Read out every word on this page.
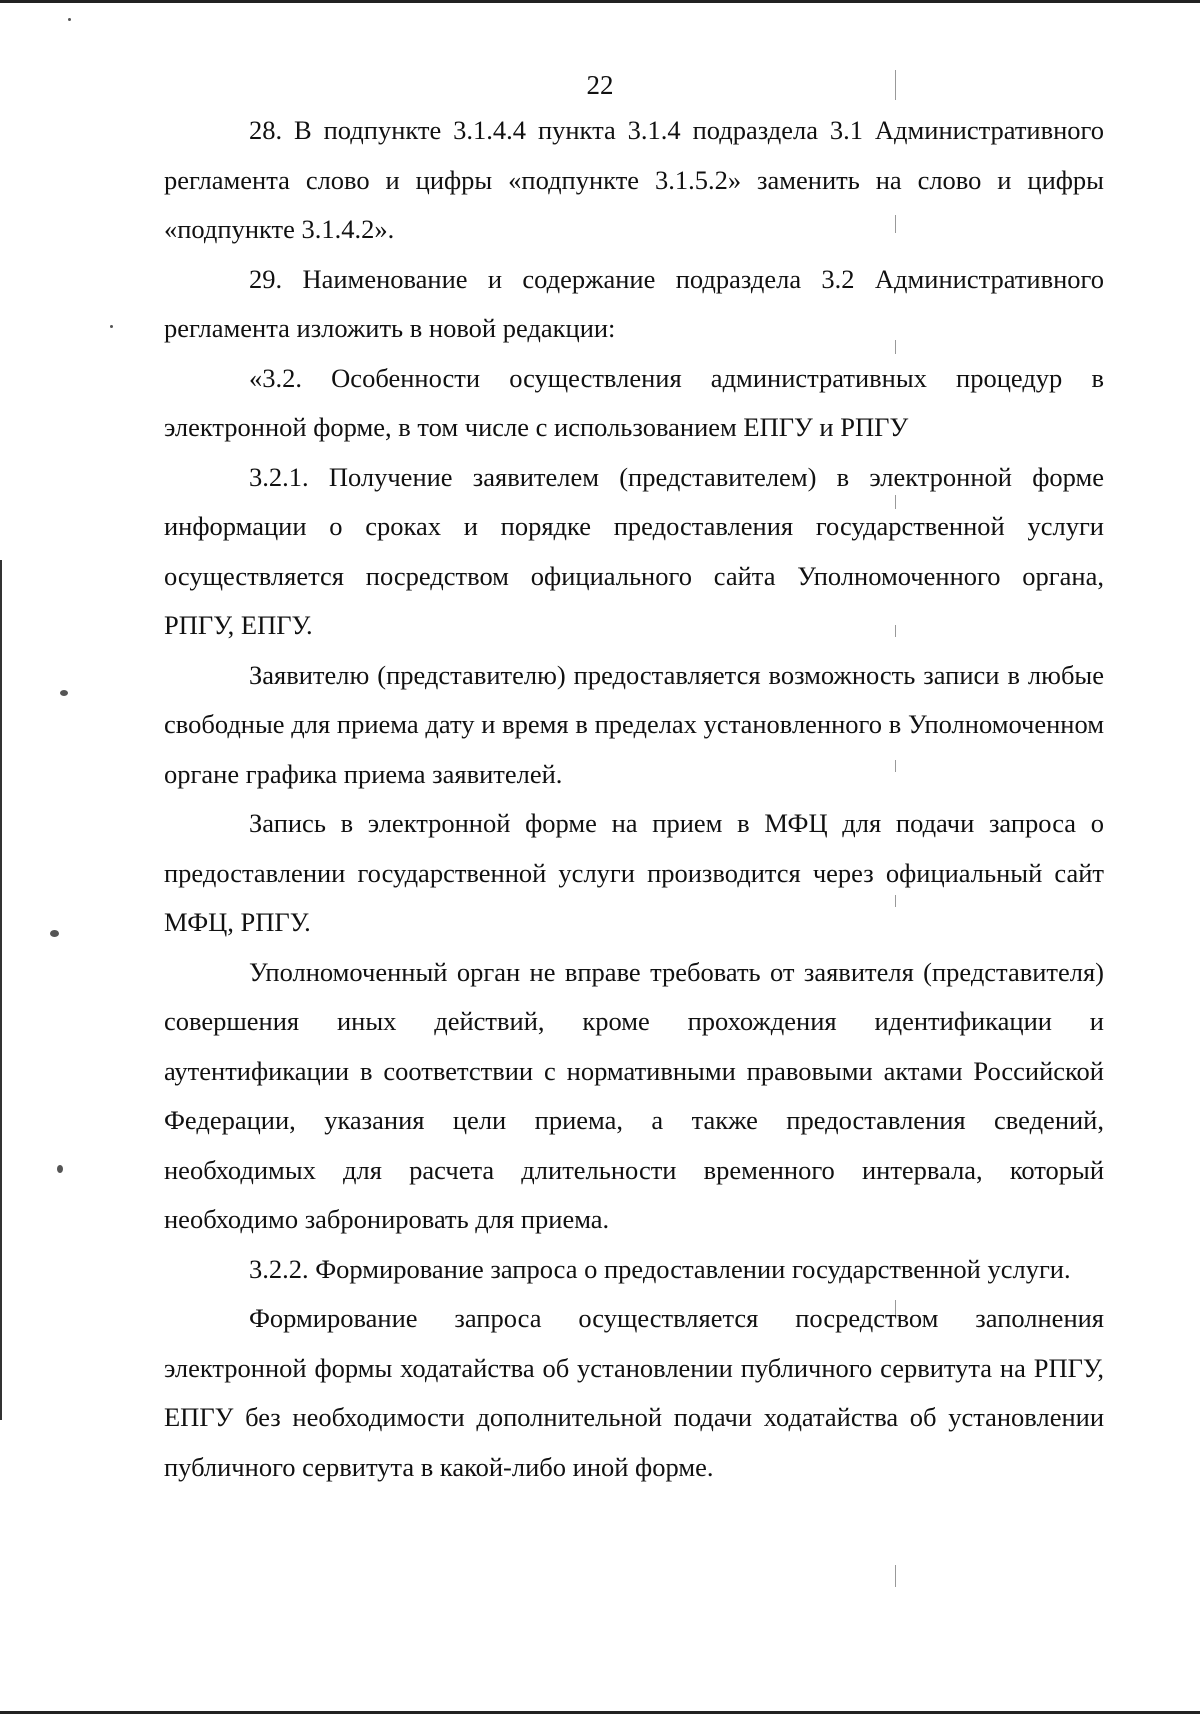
22

28. В подпункте 3.1.4.4 пункта 3.1.4 подраздела 3.1 Административного регламента слово и цифры «подпункте 3.1.5.2» заменить на слово и цифры «подпункте 3.1.4.2».

29. Наименование и содержание подраздела 3.2 Административного регламента изложить в новой редакции:

«3.2. Особенности осуществления административных процедур в электронной форме, в том числе с использованием ЕПГУ и РПГУ

3.2.1. Получение заявителем (представителем) в электронной форме информации о сроках и порядке предоставления государственной услуги осуществляется посредством официального сайта Уполномоченного органа, РПГУ, ЕПГУ.

Заявителю (представителю) предоставляется возможность записи в любые свободные для приема дату и время в пределах установленного в Уполномоченном органе графика приема заявителей.

Запись в электронной форме на прием в МФЦ для подачи запроса о предоставлении государственной услуги производится через официальный сайт МФЦ, РПГУ.

Уполномоченный орган не вправе требовать от заявителя (представителя) совершения иных действий, кроме прохождения идентификации и аутентификации в соответствии с нормативными правовыми актами Российской Федерации, указания цели приема, а также предоставления сведений, необходимых для расчета длительности временного интервала, который необходимо забронировать для приема.

3.2.2. Формирование запроса о предоставлении государственной услуги.

Формирование запроса осуществляется посредством заполнения электронной формы ходатайства об установлении публичного сервитута на РПГУ, ЕПГУ без необходимости дополнительной подачи ходатайства об установлении публичного сервитута в какой-либо иной форме.
